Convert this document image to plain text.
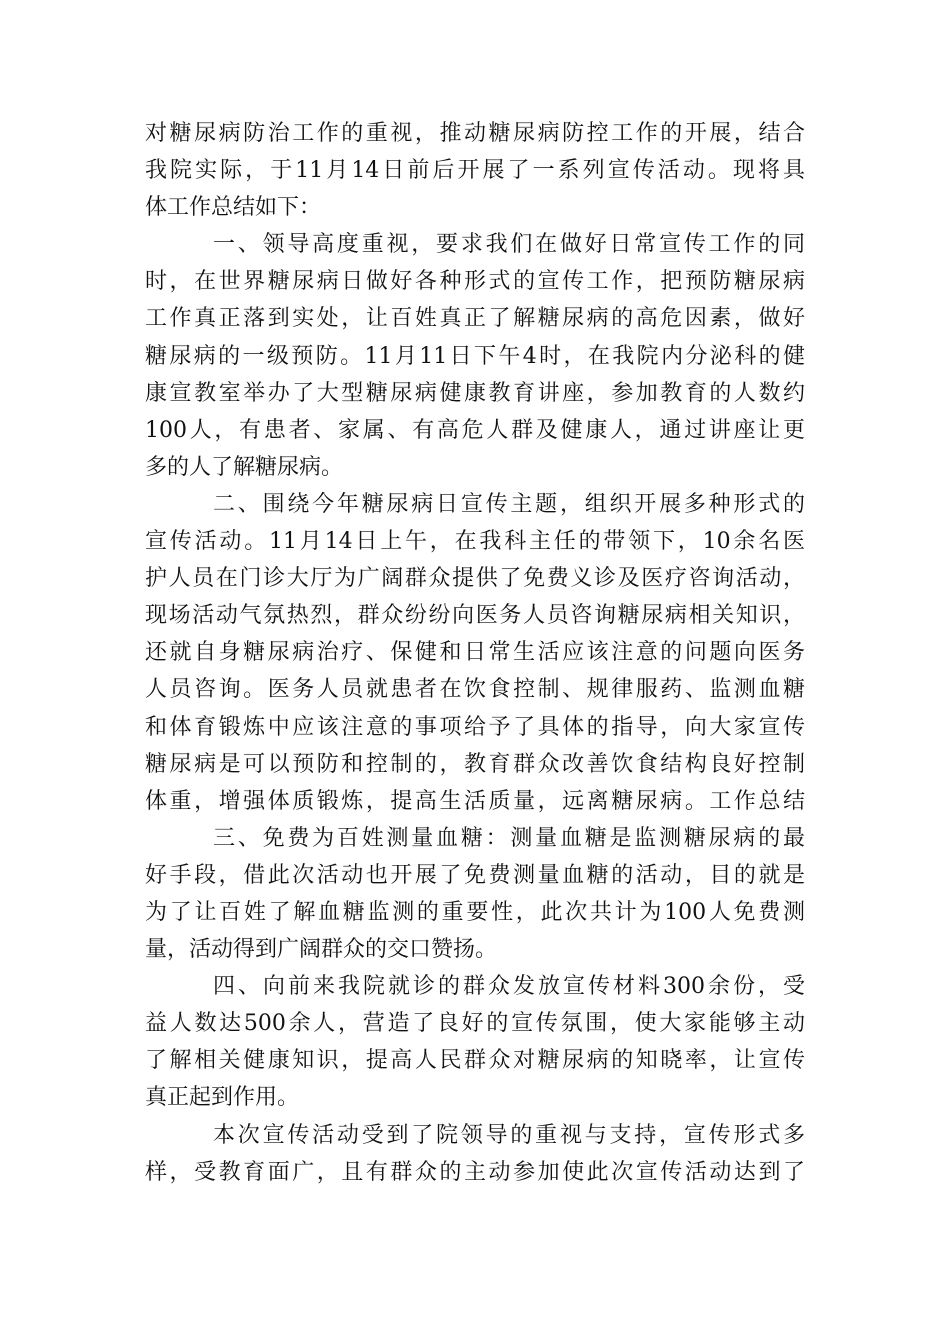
对糖尿病防治工作的重视，推动糖尿病防控工作的开展，结合
我院实际，于11月14日前后开展了一系列宣传活动。现将具
体工作总结如下：
一、领导高度重视，要求我们在做好日常宣传工作的同
时，在世界糖尿病日做好各种形式的宣传工作，把预防糖尿病
工作真正落到实处，让百姓真正了解糖尿病的高危因素，做好
糖尿病的一级预防。11月11日下午4时，在我院内分泌科的健
康宣教室举办了大型糖尿病健康教育讲座，参加教育的人数约
100人，有患者、家属、有高危人群及健康人，通过讲座让更
多的人了解糖尿病。
二、围绕今年糖尿病日宣传主题，组织开展多种形式的
宣传活动。11月14日上午，在我科主任的带领下，10余名医
护人员在门诊大厅为广阔群众提供了免费义诊及医疗咨询活动，
现场活动气氛热烈，群众纷纷向医务人员咨询糖尿病相关知识，
还就自身糖尿病治疗、保健和日常生活应该注意的问题向医务
人员咨询。医务人员就患者在饮食控制、规律服药、监测血糖
和体育锻炼中应该注意的事项给予了具体的指导，向大家宣传
糖尿病是可以预防和控制的，教育群众改善饮食结构良好控制
体重，增强体质锻炼，提高生活质量，远离糖尿病。工作总结
三、免费为百姓测量血糖：测量血糖是监测糖尿病的最
好手段，借此次活动也开展了免费测量血糖的活动，目的就是
为了让百姓了解血糖监测的重要性，此次共计为100人免费测
量，活动得到广阔群众的交口赞扬。
四、向前来我院就诊的群众发放宣传材料300余份，受
益人数达500余人，营造了良好的宣传氛围，使大家能够主动
了解相关健康知识，提高人民群众对糖尿病的知晓率，让宣传
真正起到作用。
本次宣传活动受到了院领导的重视与支持，宣传形式多
样，受教育面广，且有群众的主动参加使此次宣传活动达到了
